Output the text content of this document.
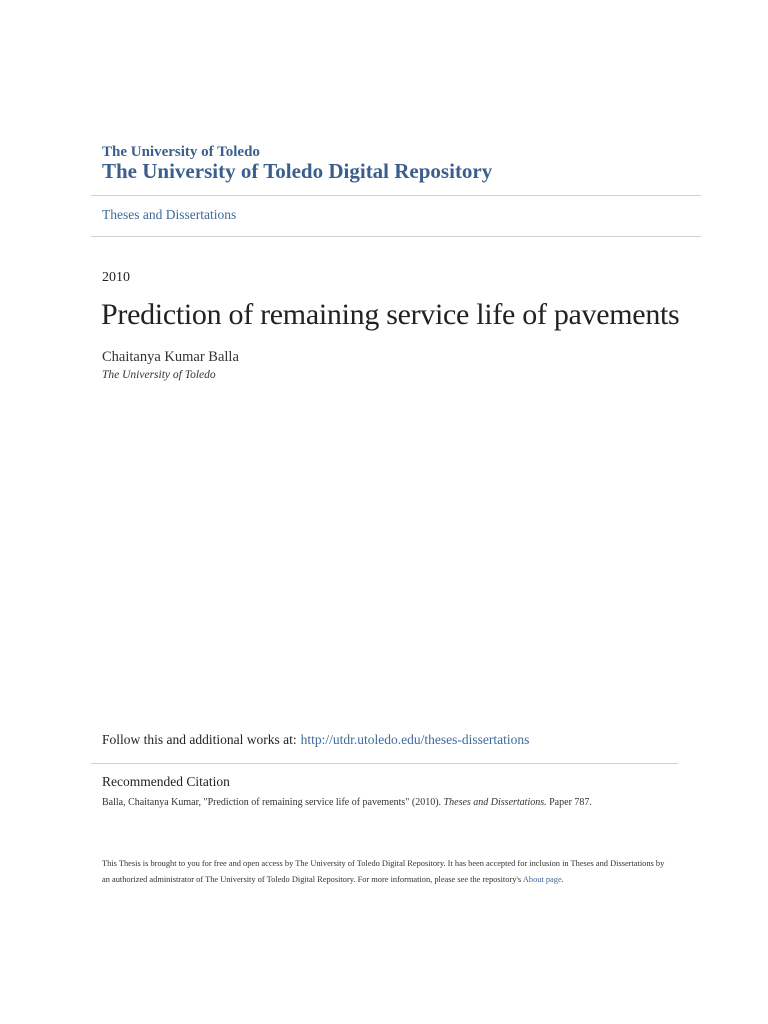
The University of Toledo
The University of Toledo Digital Repository
Theses and Dissertations
2010
Prediction of remaining service life of pavements
Chaitanya Kumar Balla
The University of Toledo
Follow this and additional works at: http://utdr.utoledo.edu/theses-dissertations
Recommended Citation
Balla, Chaitanya Kumar, "Prediction of remaining service life of pavements" (2010). Theses and Dissertations. Paper 787.
This Thesis is brought to you for free and open access by The University of Toledo Digital Repository. It has been accepted for inclusion in Theses and Dissertations by an authorized administrator of The University of Toledo Digital Repository. For more information, please see the repository's About page.
